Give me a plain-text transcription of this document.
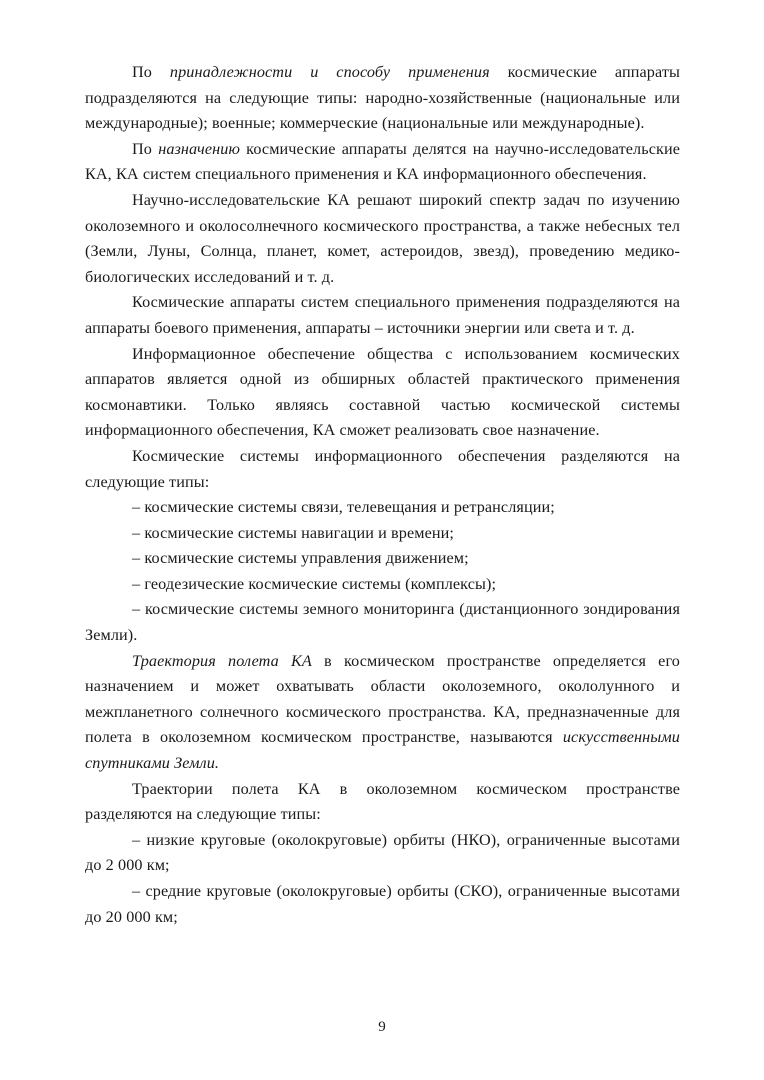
По принадлежности и способу применения космические аппараты подразделяются на следующие типы: народно-хозяйственные (национальные или международные); военные; коммерческие (национальные или международные).

По назначению космические аппараты делятся на научно-исследовательские КА, КА систем специального применения и КА информационного обеспечения.

Научно-исследовательские КА решают широкий спектр задач по изучению околоземного и околосолнечного космического пространства, а также небесных тел (Земли, Луны, Солнца, планет, комет, астероидов, звезд), проведению медико-биологических исследований и т. д.

Космические аппараты систем специального применения подразделяются на аппараты боевого применения, аппараты – источники энергии или света и т. д.

Информационное обеспечение общества с использованием космических аппаратов является одной из обширных областей практического применения космонавтики. Только являясь составной частью космической системы информационного обеспечения, КА сможет реализовать свое назначение.

Космические системы информационного обеспечения разделяются на следующие типы:

– космические системы связи, телевещания и ретрансляции;

– космические системы навигации и времени;

– космические системы управления движением;

– геодезические космические системы (комплексы);

– космические системы земного мониторинга (дистанционного зондирования Земли).

Траектория полета КА в космическом пространстве определяется его назначением и может охватывать области околоземного, окололунного и межпланетного солнечного космического пространства. КА, предназначенные для полета в околоземном космическом пространстве, называются искусственными спутниками Земли.

Траектории полета КА в околоземном космическом пространстве разделяются на следующие типы:

– низкие круговые (околокруговые) орбиты (НКО), ограниченные высотами до 2 000 км;

– средние круговые (околокруговые) орбиты (СКО), ограниченные высотами до 20 000 км;

9
